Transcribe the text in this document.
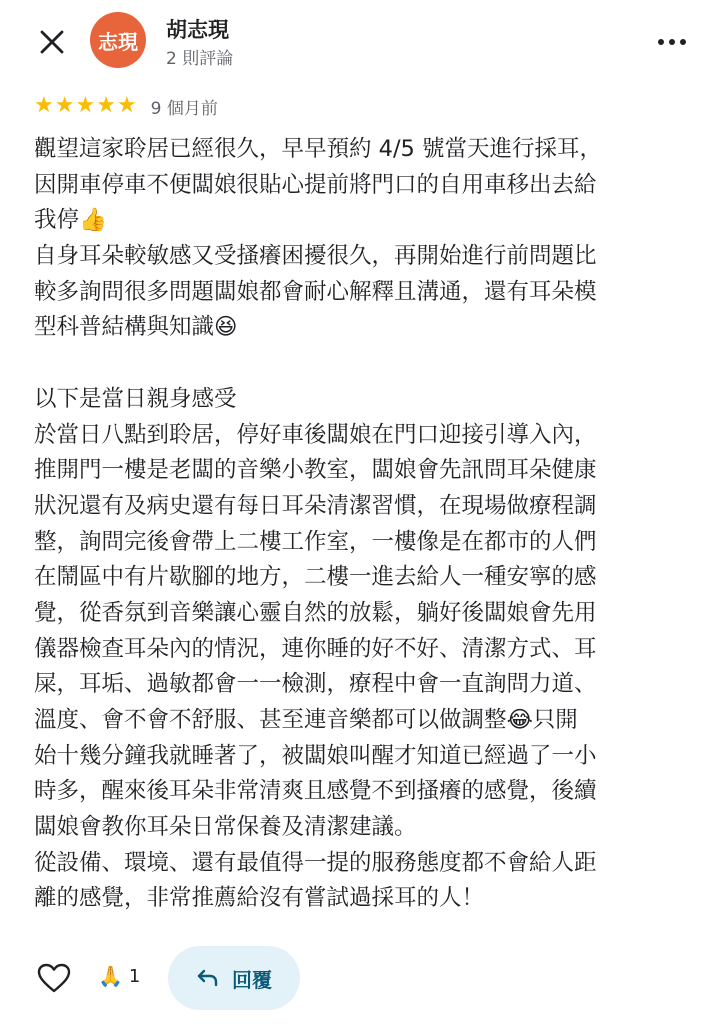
志現	胡志現
2 則評論
★ ★ ★ ★ ★ 9 個月前
觀望這家聆居已經很久，早早預約 4/5 號當天進行採耳，
因開車停車不便闆娘很貼心提前將門口的自用車移出去給
我停👍
自身耳朵較敏感又受搔癢困擾很久，再開始進行前問題比
較多詢問很多問題闆娘都會耐心解釋且溝通，還有耳朵模
型科普結構與知識😆
以下是當日親身感受
於當日八點到聆居，停好車後闆娘在門口迎接引導入內，
推開門一樓是老闆的音樂小教室，闆娘會先訊問耳朵健康
狀況還有及病史還有每日耳朵清潔習慣，在現場做療程調
整，詢問完後會帶上二樓工作室，一樓像是在都市的人們
在鬧區中有片歇腳的地方，二樓一進去給人一種安寧的感
覺，從香氛到音樂讓心靈自然的放鬆，躺好後闆娘會先用
儀器檢查耳朵內的情況，連你睡的好不好、清潔方式、耳
屎，耳垢、過敏都會一一檢測，療程中會一直詢問力道、
溫度、會不會不舒服、甚至連音樂都可以做調整😂只開
始十幾分鐘我就睡著了，被闆娘叫醒才知道已經過了一小
時多，醒來後耳朵非常清爽且感覺不到搔癢的感覺，後續
闆娘會教你耳朵日常保養及清潔建議。
從設備、環境、還有最值得一提的服務態度都不會給人距
離的感覺，非常推薦給沒有嘗試過採耳的人！
🙏 1	回覆
